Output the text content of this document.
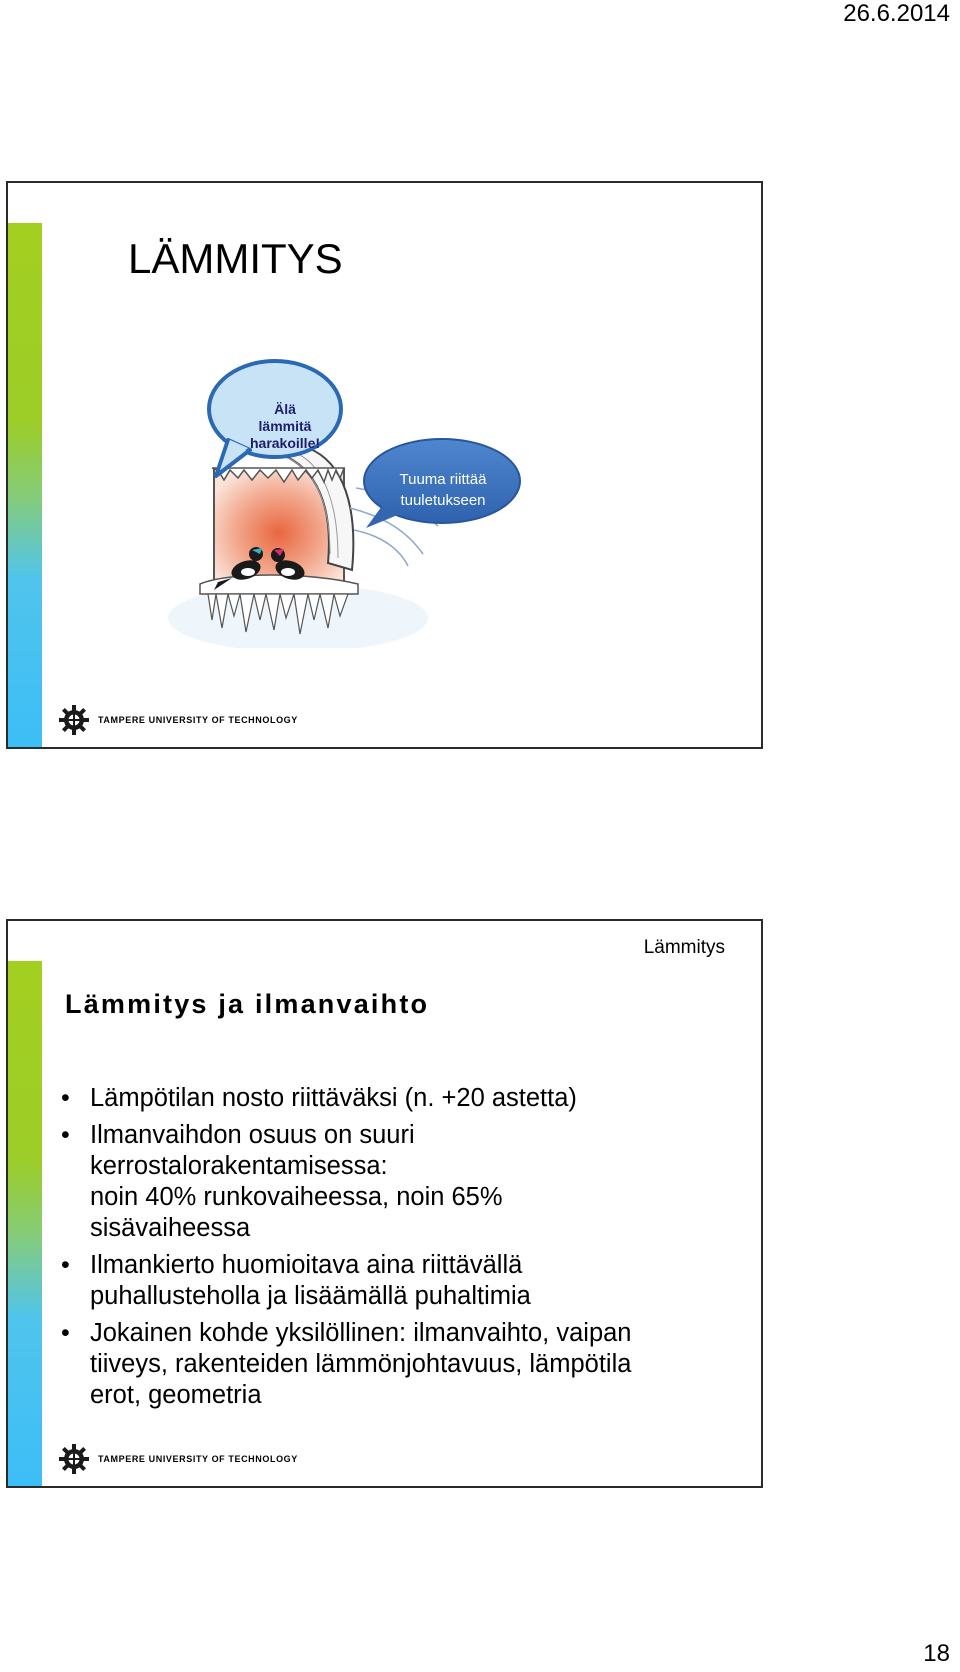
26.6.2014
LÄMMITYS
Älä
lämmitä
harakoille!
Tuuma riittää
tuuletukseen
TAMPERE UNIVERSITY OF TECHNOLOGY
Lämmitys
Lämmitys ja ilmanvaihto
• Lämpötilan nosto riittäväksi (n. +20 astetta)
• Ilmanvaihdon osuus on suuri
kerrostalorakentamisessa:
noin 40% runkovaiheessa, noin 65%
sisävaiheessa
• Ilmankierto huomioitava aina riittävällä
puhallusteholla ja lisäämällä puhaltimia
• Jokainen kohde yksilöllinen: ilmanvaihto, vaipan
tiiveys, rakenteiden lämmönjohtavuus, lämpötila
erot, geometria
TAMPERE UNIVERSITY OF TECHNOLOGY
18
